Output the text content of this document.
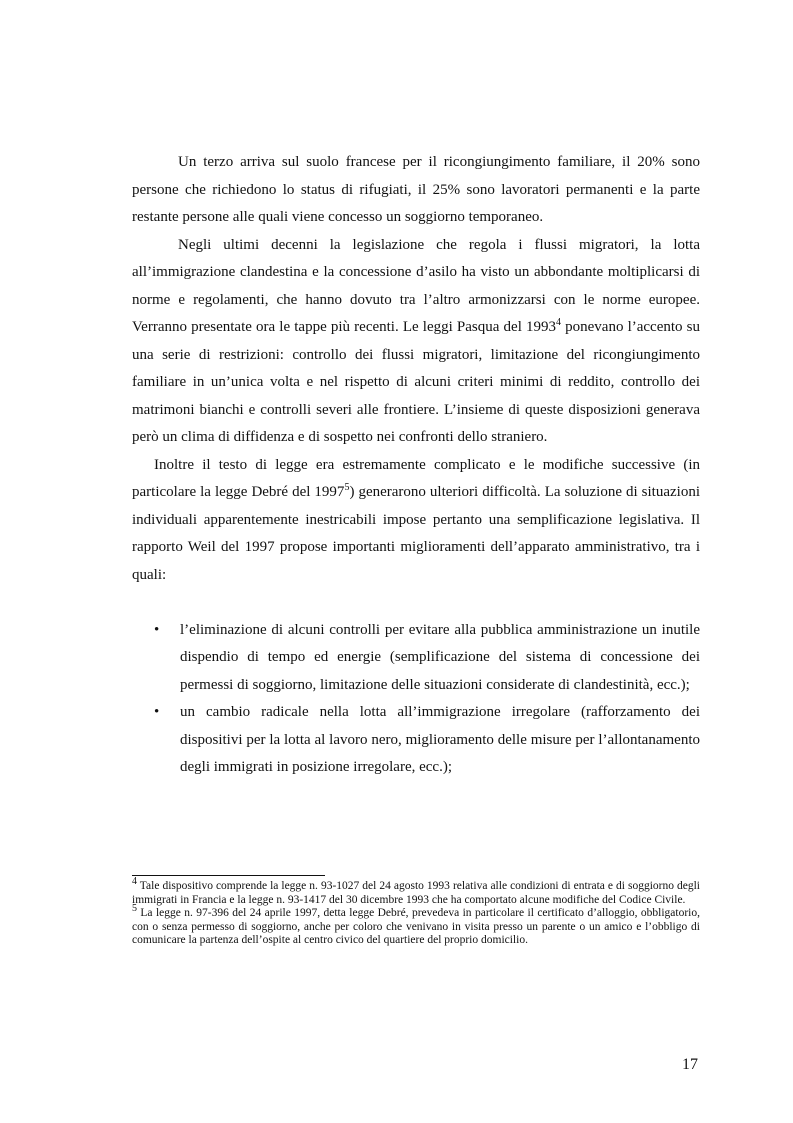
Un terzo arriva sul suolo francese per il ricongiungimento familiare, il 20% sono persone che richiedono lo status di rifugiati, il 25% sono lavoratori permanenti e la parte restante persone alle quali viene concesso un soggiorno temporaneo.

Negli ultimi decenni la legislazione che regola i flussi migratori, la lotta all’immigrazione clandestina e la concessione d’asilo ha visto un abbondante moltiplicarsi di norme e regolamenti, che hanno dovuto tra l’altro armonizzarsi con le norme europee. Verranno presentate ora le tappe più recenti. Le leggi Pasqua del 1993$^4$ ponevano l’accento su una serie di restrizioni: controllo dei flussi migratori, limitazione del ricongiungimento familiare in un’unica volta e nel rispetto di alcuni criteri minimi di reddito, controllo dei matrimoni bianchi e controlli severi alle frontiere. L’insieme di queste disposizioni generava però un clima di diffidenza e di sospetto nei confronti dello straniero.

Inoltre il testo di legge era estremamente complicato e le modifiche successive (in particolare la legge Debré del 1997$^5$) generarono ulteriori difficoltà. La soluzione di situazioni individuali apparentemente inestricabili impose pertanto una semplificazione legislativa. Il rapporto Weil del 1997 propose importanti miglioramenti dell’apparato amministrativo, tra i quali:

• l’eliminazione di alcuni controlli per evitare alla pubblica amministrazione un inutile dispendio di tempo ed energie (semplificazione del sistema di concessione dei permessi di soggiorno, limitazione delle situazioni considerate di clandestinità, ecc.);
• un cambio radicale nella lotta all’immigrazione irregolare (rafforzamento dei dispositivi per la lotta al lavoro nero, miglioramento delle misure per l’allontanamento degli immigrati in posizione irregolare, ecc.);

$^4$ Tale dispositivo comprende la legge n. 93-1027 del 24 agosto 1993 relativa alle condizioni di entrata e di soggiorno degli immigrati in Francia e la legge n. 93-1417 del 30 dicembre 1993 che ha comportato alcune modifiche del Codice Civile.

$^5$ La legge n. 97-396 del 24 aprile 1997, detta legge Debré, prevedeva in particolare il certificato d’alloggio, obbligatorio, con o senza permesso di soggiorno, anche per coloro che venivano in visita presso un parente o un amico e l’obbligo di comunicare la partenza dell’ospite al centro civico del quartiere del proprio domicilio.

17
